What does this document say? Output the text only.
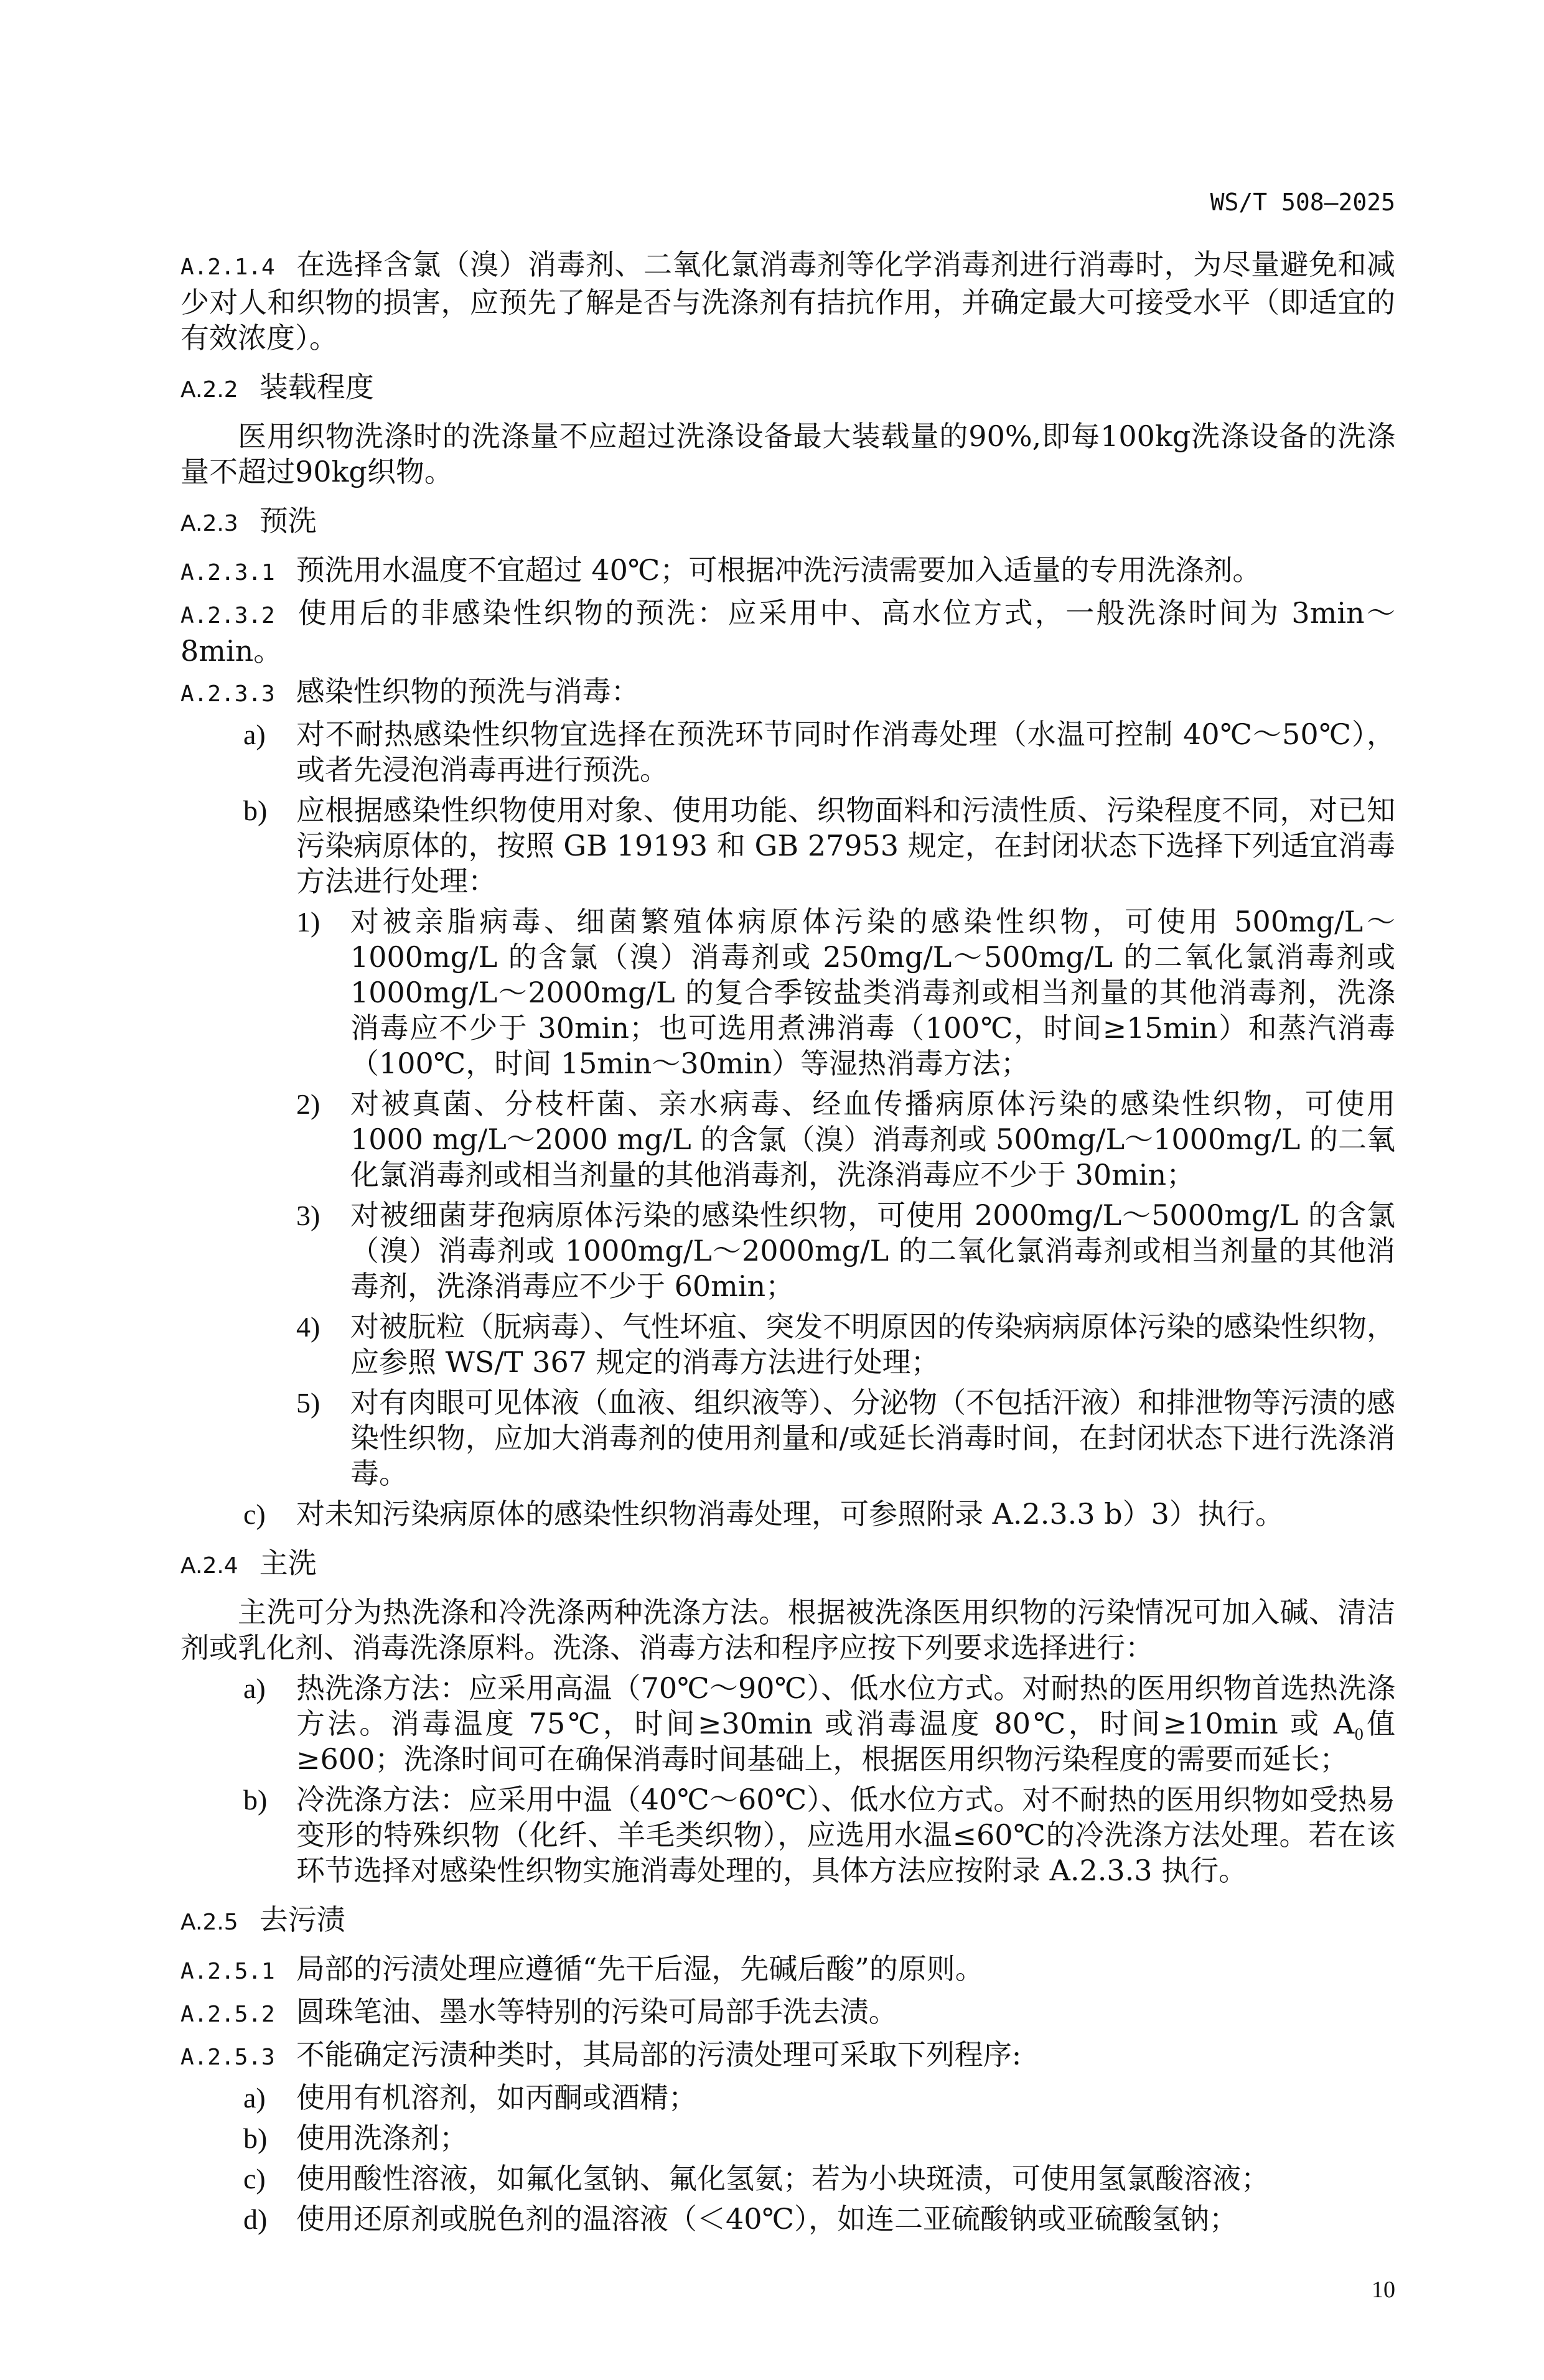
WS/T 508—2025
A.2.1.4 在选择含氯（溴）消毒剂、二氧化氯消毒剂等化学消毒剂进行消毒时，为尽量避免和减少对人和织物的损害，应预先了解是否与洗涤剂有拮抗作用，并确定最大可接受水平（即适宜的有效浓度）。
A.2.2 装载程度
医用织物洗涤时的洗涤量不应超过洗涤设备最大装载量的90%,即每100kg洗涤设备的洗涤量不超过90kg织物。
A.2.3 预洗
A.2.3.1 预洗用水温度不宜超过 40℃；可根据冲洗污渍需要加入适量的专用洗涤剂。
A.2.3.2 使用后的非感染性织物的预洗：应采用中、高水位方式，一般洗涤时间为 3min～8min。
A.2.3.3 感染性织物的预洗与消毒：
a)	对不耐热感染性织物宜选择在预洗环节同时作消毒处理（水温可控制 40℃～50℃），或者先浸泡消毒再进行预洗。
b)	应根据感染性织物使用对象、使用功能、织物面料和污渍性质、污染程度不同，对已知污染病原体的，按照 GB 19193 和 GB 27953 规定，在封闭状态下选择下列适宜消毒方法进行处理：
1)	对被亲脂病毒、细菌繁殖体病原体污染的感染性织物，可使用 500mg/L～1000mg/L 的含氯（溴）消毒剂或 250mg/L～500mg/L 的二氧化氯消毒剂或 1000mg/L～2000mg/L 的复合季铵盐类消毒剂或相当剂量的其他消毒剂，洗涤消毒应不少于 30min；也可选用煮沸消毒（100℃，时间≥15min）和蒸汽消毒（100℃，时间 15min～30min）等湿热消毒方法；
2)	对被真菌、分枝杆菌、亲水病毒、经血传播病原体污染的感染性织物，可使用 1000 mg/L～2000 mg/L 的含氯（溴）消毒剂或 500mg/L～1000mg/L 的二氧化氯消毒剂或相当剂量的其他消毒剂，洗涤消毒应不少于 30min；
3)	对被细菌芽孢病原体污染的感染性织物，可使用 2000mg/L～5000mg/L 的含氯（溴）消毒剂或 1000mg/L～2000mg/L 的二氧化氯消毒剂或相当剂量的其他消毒剂，洗涤消毒应不少于 60min；
4)	对被朊粒（朊病毒）、气性坏疽、突发不明原因的传染病病原体污染的感染性织物，应参照 WS/T 367 规定的消毒方法进行处理；
5)	对有肉眼可见体液（血液、组织液等）、分泌物（不包括汗液）和排泄物等污渍的感染性织物，应加大消毒剂的使用剂量和/或延长消毒时间，在封闭状态下进行洗涤消毒。
c)	对未知污染病原体的感染性织物消毒处理，可参照附录 A.2.3.3 b）3）执行。
A.2.4 主洗
主洗可分为热洗涤和冷洗涤两种洗涤方法。根据被洗涤医用织物的污染情况可加入碱、清洁剂或乳化剂、消毒洗涤原料。洗涤、消毒方法和程序应按下列要求选择进行：
a)	热洗涤方法：应采用高温（70℃～90℃）、低水位方式。对耐热的医用织物首选热洗涤方法。消毒温度 75℃，时间≥30min 或消毒温度 80℃，时间≥10min 或 $A_0$值≥600；洗涤时间可在确保消毒时间基础上，根据医用织物污染程度的需要而延长；
b)	冷洗涤方法：应采用中温（40℃～60℃）、低水位方式。对不耐热的医用织物如受热易变形的特殊织物（化纤、羊毛类织物），应选用水温≤60℃的冷洗涤方法处理。若在该环节选择对感染性织物实施消毒处理的，具体方法应按附录 A.2.3.3 执行。
A.2.5 去污渍
A.2.5.1 局部的污渍处理应遵循“先干后湿，先碱后酸”的原则。
A.2.5.2 圆珠笔油、墨水等特别的污染可局部手洗去渍。
A.2.5.3 不能确定污渍种类时，其局部的污渍处理可采取下列程序:
a)	使用有机溶剂，如丙酮或酒精；
b)	使用洗涤剂；
c)	使用酸性溶液，如氟化氢钠、氟化氢氨；若为小块斑渍，可使用氢氯酸溶液；
d)	使用还原剂或脱色剂的温溶液（＜40℃），如连二亚硫酸钠或亚硫酸氢钠；
10
